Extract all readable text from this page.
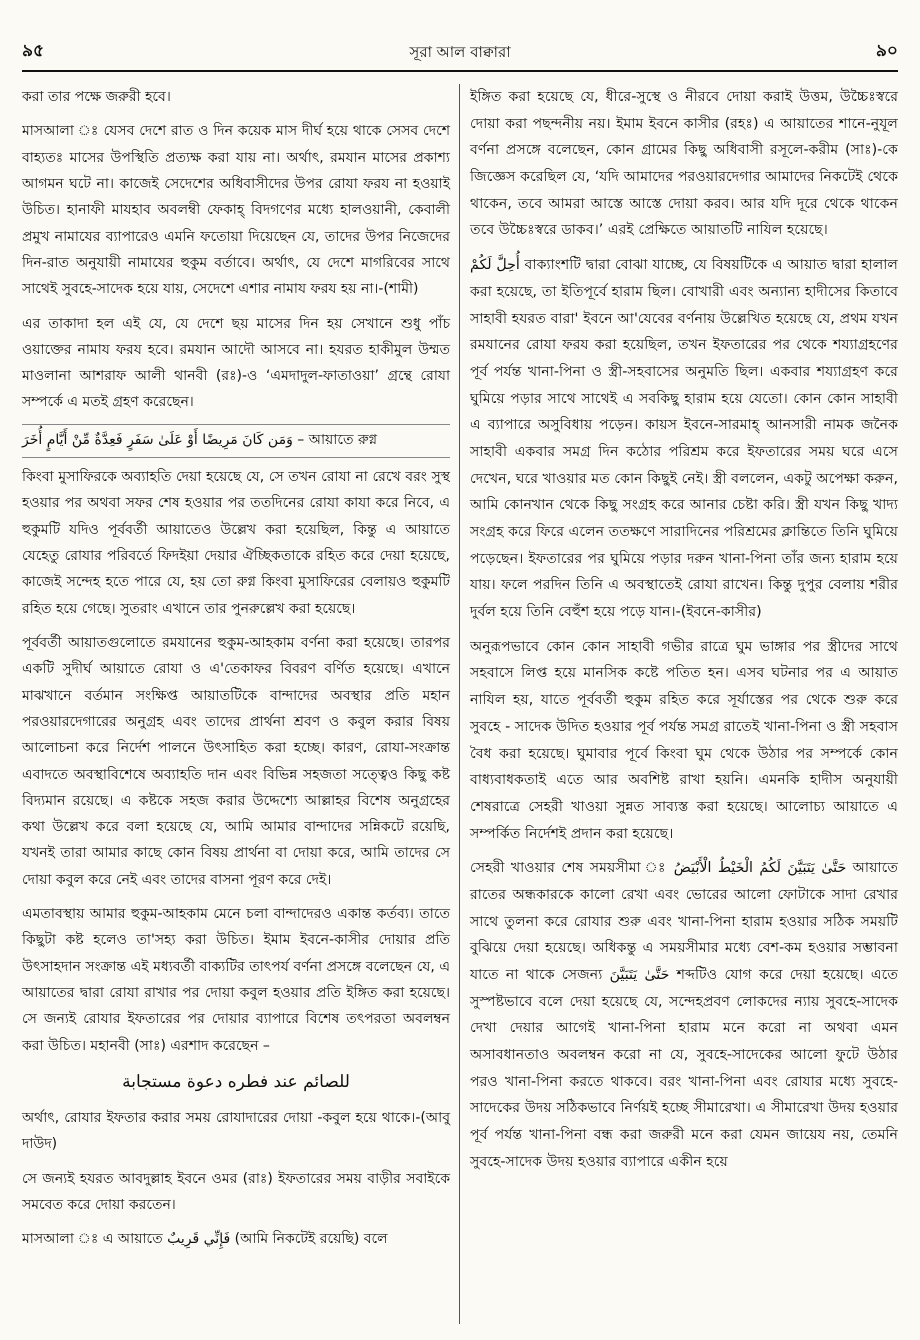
৯৫	সূরা আল বাক্বারা	৯০

করা তার পক্ষে জরুরী হবে।

মাসআলা ঃ যেসব দেশে রাত ও দিন কয়েক মাস দীর্ঘ হয়ে থাকে সেসব দেশে বাহ্যতঃ মাসের উপস্থিতি প্রত্যক্ষ করা যায় না। অর্থাৎ, রমযান মাসের প্রকাশ্য আগমন ঘটে না। কাজেই সেদেশের অধিবাসীদের উপর রোযা ফরয না হওয়াই উচিত। হানাফী মাযহাব অবলম্বী ফেকাহ্ বিদগণের মধ্যে হালওয়ানী, কেবালী প্রমুখ নামাযের ব্যাপারেও এমনি ফতোয়া দিয়েছেন যে, তাদের উপর নিজেদের দিন-রাত অনুযায়ী নামাযের হুকুম বর্তাবে। অর্থাৎ, যে দেশে মাগরিবের সাথে সাথেই সুবহে-সাদেক হয়ে যায়, সেদেশে এশার নামায ফরয হয় না।-(শামী)

এর তাকাদা হল এই যে, যে দেশে ছয় মাসের দিন হয় সেখানে শুধু পাঁচ ওয়াক্তের নামায ফরয হবে। রমযান আদৌ আসবে না। হযরত হাকীমুল উম্মত মাওলানা আশরাফ আলী থানবী (রঃ)-ও ‘এমদাদুল-ফাতাওয়া’ গ্রন্থে রোযা সম্পর্কে এ মতই গ্রহণ করেছেন।

وَمَن كَانَ مَرِيضًا أَوْ عَلَىٰ سَفَرٍ فَعِدَّةٌ مِّنْ أَيَّامٍ أُخَرَ – আয়াতে রুগ্ন

কিংবা মুসাফিরকে অব্যাহতি দেয়া হয়েছে যে, সে তখন রোযা না রেখে বরং সুস্থ হওয়ার পর অথবা সফর শেষ হওয়ার পর ততদিনের রোযা কাযা করে নিবে, এ হুকুমটি যদিও পূর্ববর্তী আয়াতেও উল্লেখ করা হয়েছিল, কিন্তু এ আয়াতে যেহেতু রোযার পরিবর্তে ফিদইয়া দেয়ার ঐচ্ছিকতাকে রহিত করে দেয়া হয়েছে, কাজেই সন্দেহ হতে পারে যে, হয় তো রুগ্ন কিংবা মুসাফিরের বেলায়ও হুকুমটি রহিত হয়ে গেছে। সুতরাং এখানে তার পুনরুল্লেখ করা হয়েছে।

পূর্ববর্তী আয়াতগুলোতে রমযানের হুকুম-আহকাম বর্ণনা করা হয়েছে। তারপর একটি সুদীর্ঘ আয়াতে রোযা ও এ'তেকাফর বিবরণ বর্ণিত হয়েছে। এখানে মাঝখানে বর্তমান সংক্ষিপ্ত আয়াতটিকে বান্দাদের অবস্থার প্রতি মহান পরওয়ারদেগারের অনুগ্রহ এবং তাদের প্রার্থনা শ্রবণ ও কবুল করার বিষয় আলোচনা করে নির্দেশ পালনে উৎসাহিত করা হচ্ছে। কারণ, রোযা-সংক্রান্ত এবাদতে অবস্থাবিশেষে অব্যাহতি দান এবং বিভিন্ন সহজতা সত্ত্বেও কিছু কষ্ট বিদ্যমান রয়েছে। এ কষ্টকে সহজ করার উদ্দেশ্যে আল্লাহর বিশেষ অনুগ্রহের কথা উল্লেখ করে বলা হয়েছে যে, আমি আমার বান্দাদের সন্নিকটে রয়েছি, যখনই তারা আমার কাছে কোন বিষয় প্রার্থনা বা দোয়া করে, আমি তাদের সে দোয়া কবুল করে নেই এবং তাদের বাসনা পূরণ করে দেই।

এমতাবস্থায় আমার হুকুম-আহকাম মেনে চলা বান্দাদেরও একান্ত কর্তব্য। তাতে কিছুটা কষ্ট হলেও তা'সহ্য করা উচিত। ইমাম ইবনে-কাসীর দোয়ার প্রতি উৎসাহদান সংক্রান্ত এই মধ্যবর্তী বাক্যটির তাৎপর্য বর্ণনা প্রসঙ্গে বলেছেন যে, এ আয়াতের দ্বারা রোযা রাখার পর দোয়া কবুল হওয়ার প্রতি ইঙ্গিত করা হয়েছে। সে জন্যই রোযার ইফতারের পর দোয়ার ব্যাপারে বিশেষ তৎপরতা অবলম্বন করা উচিত। মহানবী (সাঃ) এরশাদ করেছেন –

للصائم عند فطره دعوة مستجابة

অর্থাৎ, রোযার ইফতার করার সময় রোযাদারের দোয়া -কবুল হয়ে থাকে।-(আবু দাউদ)

সে জন্যই হযরত আবদুল্লাহ ইবনে ওমর (রাঃ) ইফতারের সময় বাড়ীর সবাইকে সমবেত করে দোয়া করতেন।

মাসআলা ঃ এ আয়াতে فَإِنِّي قَرِيبٌ (আমি নিকটেই রয়েছি) বলে

ইঙ্গিত করা হয়েছে যে, ধীরে-সুস্থে ও নীরবে দোয়া করাই উত্তম, উচ্চৈঃস্বরে দোয়া করা পছন্দনীয় নয়। ইমাম ইবনে কাসীর (রহঃ) এ আয়াতের শানে-নুযূল বর্ণনা প্রসঙ্গে বলেছেন, কোন গ্রামের কিছু অধিবাসী রসূলে-করীম (সাঃ)-কে জিজ্ঞেস করেছিল যে, ‘যদি আমাদের পরওয়ারদেগার আমাদের নিকটেই থেকে থাকেন, তবে আমরা আস্তে আস্তে দোয়া করব। আর যদি দূরে থেকে থাকেন তবে উচ্চৈঃস্বরে ডাকব।’ এরই প্রেক্ষিতে আয়াতটি নাযিল হয়েছে।

أُحِلَّ لَكُمْ বাক্যাংশটি দ্বারা বোঝা যাচ্ছে, যে বিষয়টিকে এ আয়াত দ্বারা হালাল করা হয়েছে, তা ইতিপূর্বে হারাম ছিল। বোখারী এবং অন্যান্য হাদীসের কিতাবে সাহাবী হযরত বারা' ইবনে আ'যেবের বর্ণনায় উল্লেখিত হয়েছে যে, প্রথম যখন রমযানের রোযা ফরয করা হয়েছিল, তখন ইফতারের পর থেকে শয্যাগ্রহণের পূর্ব পর্যন্ত খানা-পিনা ও স্ত্রী-সহবাসের অনুমতি ছিল। একবার শয্যাগ্রহণ করে ঘুমিয়ে পড়ার সাথে সাথেই এ সবকিছু হারাম হয়ে যেতো। কোন কোন সাহাবী এ ব্যাপারে অসুবিধায় পড়েন। কায়স ইবনে-সারমাহ্ আনসারী নামক জনৈক সাহাবী একবার সমগ্র দিন কঠোর পরিশ্রম করে ইফতারের সময় ঘরে এসে দেখেন, ঘরে খাওয়ার মত কোন কিছুই নেই। স্ত্রী বললেন, একটু অপেক্ষা করুন, আমি কোনখান থেকে কিছু সংগ্রহ করে আনার চেষ্টা করি। স্ত্রী যখন কিছু খাদ্য সংগ্রহ করে ফিরে এলেন ততক্ষণে সারাদিনের পরিশ্রমের ক্লান্তিতে তিনি ঘুমিয়ে পড়েছেন। ইফতারের পর ঘুমিয়ে পড়ার দরুন খানা-পিনা তাঁর জন্য হারাম হয়ে যায়। ফলে পরদিন তিনি এ অবস্থাতেই রোযা রাখেন। কিন্তু দুপুর বেলায় শরীর দুর্বল হয়ে তিনি বেহুঁশ হয়ে পড়ে যান।-(ইবনে-কাসীর)

অনুরূপভাবে কোন কোন সাহাবী গভীর রাত্রে ঘুম ভাঙ্গার পর স্ত্রীদের সাথে সহবাসে লিপ্ত হয়ে মানসিক কষ্টে পতিত হন। এসব ঘটনার পর এ আয়াত নাযিল হয়, যাতে পূর্ববর্তী হুকুম রহিত করে সূর্যাস্তের পর থেকে শুরু করে সুবহে - সাদেক উদিত হওয়ার পূর্ব পর্যন্ত সমগ্র রাতেই খানা-পিনা ও স্ত্রী সহবাস বৈধ করা হয়েছে। ঘুমাবার পূর্বে কিংবা ঘুম থেকে উঠার পর সম্পর্কে কোন বাধ্যবাধকতাই এতে আর অবশিষ্ট রাখা হয়নি। এমনকি হাদীস অনুযায়ী শেষরাত্রে সেহরী খাওয়া সুন্নত সাব্যস্ত করা হয়েছে। আলোচ্য আয়াতে এ সম্পর্কিত নির্দেশই প্রদান করা হয়েছে।

সেহরী খাওয়ার শেষ সময়সীমা ঃ حَتَّىٰ يَتَبَيَّنَ لَكُمُ الْخَيْطُ الْأَبْيَضُ আয়াতে রাতের অন্ধকারকে কালো রেখা এবং ভোরের আলো ফোটাকে সাদা রেখার সাথে তুলনা করে রোযার শুরু এবং খানা-পিনা হারাম হওয়ার সঠিক সময়টি বুঝিয়ে দেয়া হয়েছে। অধিকন্তু এ সময়সীমার মধ্যে বেশ-কম হওয়ার সম্ভাবনা যাতে না থাকে সেজন্য حَتَّىٰ يَتَبَيَّنَ শব্দটিও যোগ করে দেয়া হয়েছে। এতে সুস্পষ্টভাবে বলে দেয়া হয়েছে যে, সন্দেহপ্রবণ লোকদের ন্যায় সুবহে-সাদেক দেখা দেয়ার আগেই খানা-পিনা হারাম মনে করো না অথবা এমন অসাবধানতাও অবলম্বন করো না যে, সুবহে-সাদেকের আলো ফুটে উঠার পরও খানা-পিনা করতে থাকবে। বরং খানা-পিনা এবং রোযার মধ্যে সুবহে-সাদেকের উদয় সঠিকভাবে নির্ণয়ই হচ্ছে সীমারেখা। এ সীমারেখা উদয় হওয়ার পূর্ব পর্যন্ত খানা-পিনা বন্ধ করা জরুরী মনে করা যেমন জায়েয নয়, তেমনি সুবহে-সাদেক উদয় হওয়ার ব্যাপারে একীন হয়ে
